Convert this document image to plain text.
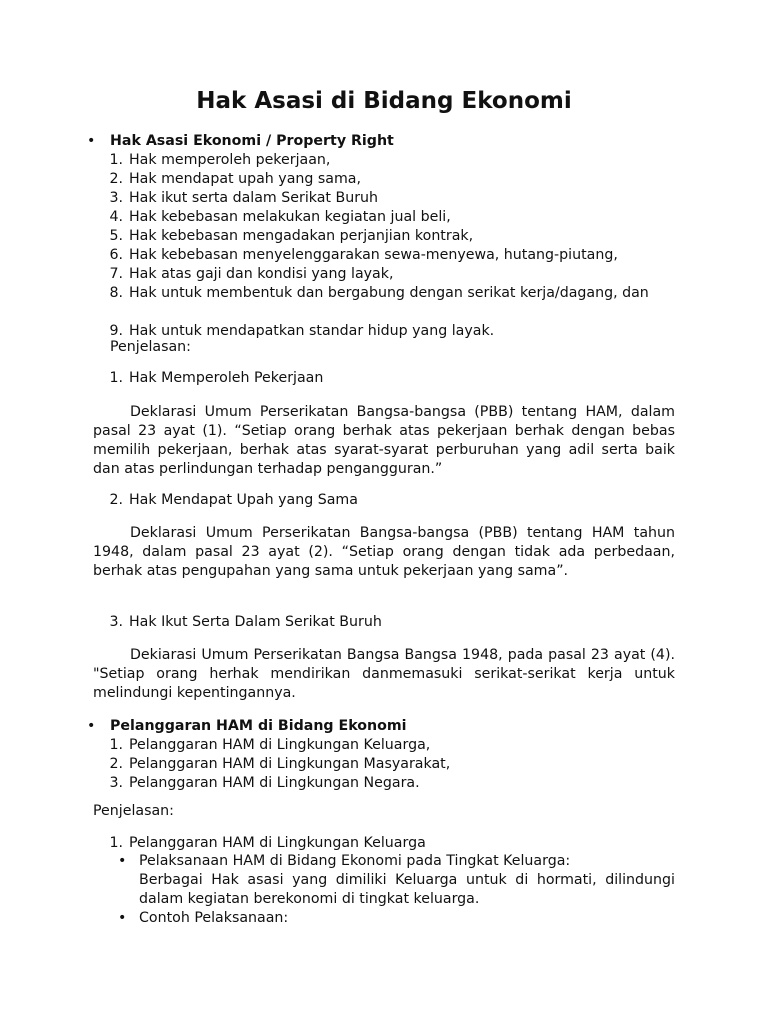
Hak Asasi di Bidang Ekonomi
• Hak Asasi Ekonomi / Property Right
1. Hak memperoleh pekerjaan,
2. Hak mendapat upah yang sama,
3. Hak ikut serta dalam Serikat Buruh
4. Hak kebebasan melakukan kegiatan jual beli,
5. Hak kebebasan mengadakan perjanjian kontrak,
6. Hak kebebasan menyelenggarakan sewa-menyewa, hutang-piutang,
7. Hak atas gaji dan kondisi yang layak,
8. Hak untuk membentuk dan bergabung dengan serikat kerja/dagang, dan
9. Hak untuk mendapatkan standar hidup yang layak.
Penjelasan:
1. Hak Memperoleh Pekerjaan
Deklarasi Umum Perserikatan Bangsa-bangsa (PBB) tentang HAM, dalam pasal 23 ayat (1). “Setiap orang berhak atas pekerjaan berhak dengan bebas memilih pekerjaan, berhak atas syarat-syarat perburuhan yang adil serta baik dan atas perlindungan terhadap pengangguran.”
2. Hak Mendapat Upah yang Sama
Deklarasi Umum Perserikatan Bangsa-bangsa (PBB) tentang HAM tahun 1948, dalam pasal 23 ayat (2). “Setiap orang dengan tidak ada perbedaan, berhak atas pengupahan yang sama untuk pekerjaan yang sama”.
3. Hak Ikut Serta Dalam Serikat Buruh
Dekiarasi Umum Perserikatan Bangsa Bangsa 1948, pada pasal 23 ayat (4). "Setiap orang herhak mendirikan danmemasuki serikat-serikat kerja untuk melindungi kepentingannya.
• Pelanggaran HAM di Bidang Ekonomi
1. Pelanggaran HAM di Lingkungan Keluarga,
2. Pelanggaran HAM di Lingkungan Masyarakat,
3. Pelanggaran HAM di Lingkungan Negara.
Penjelasan:
1. Pelanggaran HAM di Lingkungan Keluarga
• Pelaksanaan HAM di Bidang Ekonomi pada Tingkat Keluarga:
Berbagai Hak asasi yang dimiliki Keluarga untuk di hormati, dilindungi dalam kegiatan berekonomi di tingkat keluarga.
• Contoh Pelaksanaan:
